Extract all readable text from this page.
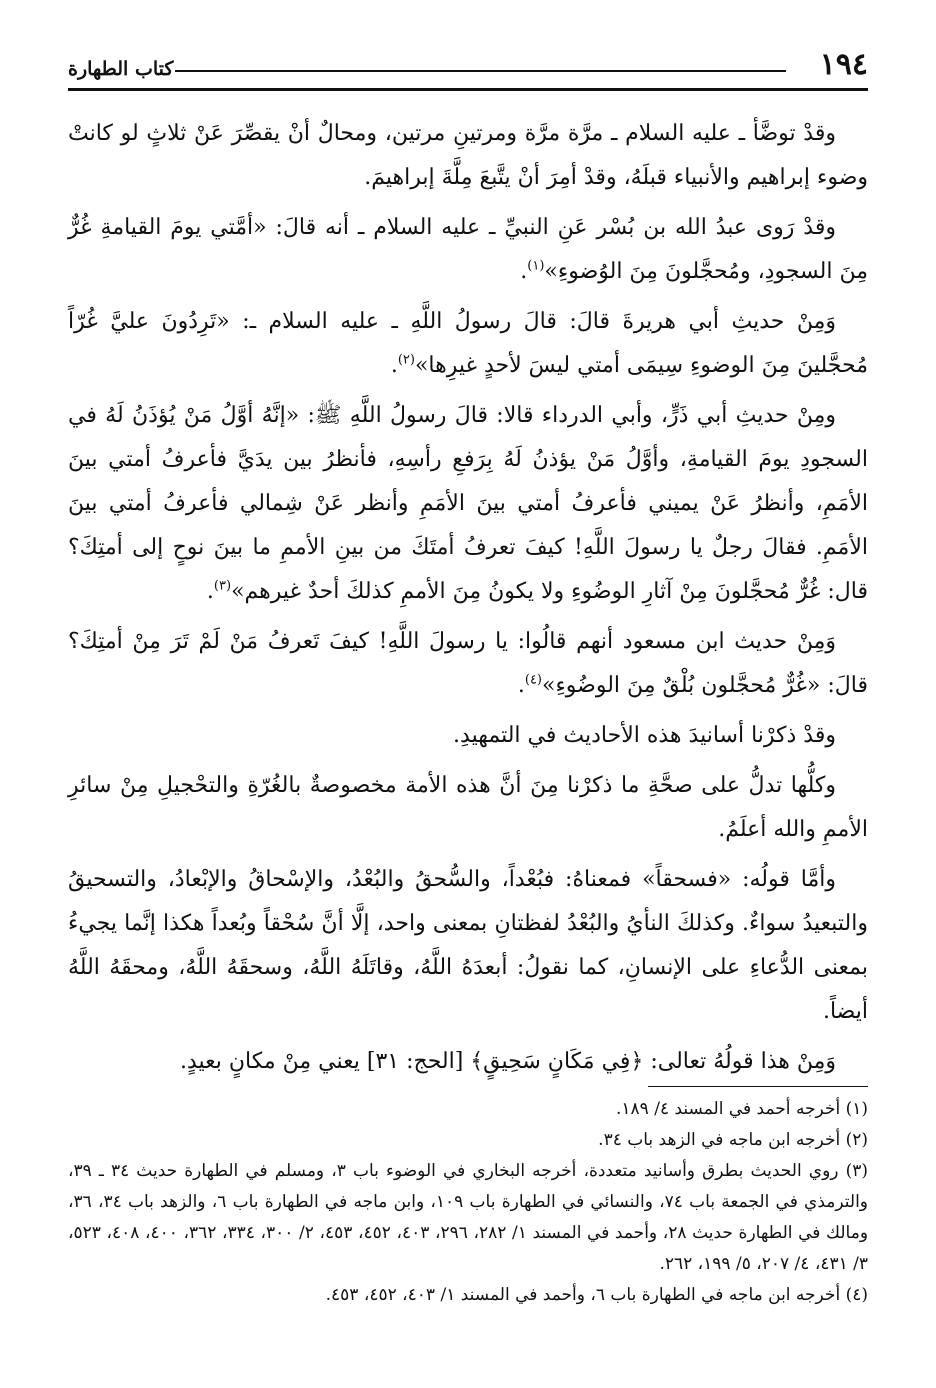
١٩٤
كتاب الطهارة

وقدْ توضَّأ ـ عليه السلام ـ مرَّة مرَّة ومرتينِ مرتين، ومحالٌ أنْ يقصِّرَ عَنْ ثلاثٍ لو كانتْ وضوء إبراهيم والأنبياء قبلَهُ، وقدْ أمِرَ أنْ يتَّبعَ مِلَّةَ إبراهيمَ.

وقدْ رَوى عبدُ الله بن بُسْر عَنِ النبيِّ ـ عليه السلام ـ أنه قالَ: «أمَّتي يومَ القيامةِ غُرٌّ مِنَ السجودِ، ومُحجَّلونَ مِنَ الوُضوءِ»$^{(١)}$.

وَمِنْ حديثِ أبي هريرةَ قالَ: قالَ رسولُ اللَّهِ ـ عليه السلام ـ: «تَرِدُونَ عليَّ غُرّاً مُحجَّلينَ مِنَ الوضوءِ سِيمَى أمتي ليسَ لأحدٍ غيرِها»$^{(٢)}$.

ومِنْ حديثِ أبي ذَرٍّ، وأبي الدرداء قالا: قالَ رسولُ اللَّهِ ﷺ: «إنَّهُ أوَّلُ مَنْ يُؤذَنُ لَهُ في السجودِ يومَ القيامةِ، وأوَّلُ مَنْ يؤذنُ لَهُ بِرَفعِ رأسِهِ، فأنظرُ بين يدَيَّ فأعرفُ أمتي بينَ الأمَمِ، وأنظرُ عَنْ يميني فأعرفُ أمتي بينَ الأمَمِ وأنظر عَنْ شِمالي فأعرفُ أمتي بينَ الأمَمِ. فقالَ رجلٌ يا رسولَ اللَّهِ! كيفَ تعرفُ أمتَكَ من بينِ الأممِ ما بينَ نوحٍ إلى أمتِكَ؟ قال: غُرٌّ مُحجَّلونَ مِنْ آثارِ الوضُوءِ ولا يكونُ مِنَ الأممِ كذلكَ أحدٌ غيرهم»$^{(٣)}$.

وَمِنْ حديث ابن مسعود أنهم قالُوا: يا رسولَ اللَّهِ! كيفَ تَعرفُ مَنْ لَمْ تَرَ مِنْ أمتِكَ؟ قالَ: «غُرٌّ مُحجَّلون بُلْقٌ مِنَ الوضُوءِ»$^{(٤)}$.

وقدْ ذكرْنا أسانيدَ هذه الأحاديث في التمهيدِ.

وكلُّها تدلُّ على صحَّةِ ما ذكرْنا مِنَ أنَّ هذه الأمة مخصوصةٌ بالغُرّةِ والتحْجيلِ مِنْ سائرِ الأممِ والله أعلَمُ.

وأمَّا قولُه: «فسحقاً» فمعناهُ: فبُعْداً، والسُّحقُ والبُعْدُ، والإسْحاقُ والإبْعادُ، والتسحيقُ والتبعيدُ سواءٌ. وكذلكَ النأيُ والبُعْدُ لفظتانِ بمعنى واحد، إلَّا أنَّ سُحْقاً وبُعداً هكذا إنَّما يجيءُ بمعنى الدُّعاءِ على الإنسانِ، كما نقولُ: أبعدَهُ اللَّهُ، وقاتَلَهُ اللَّهُ، وسحقَهُ اللَّهُ، ومحقَهُ اللَّهُ أيضاً.

وَمِنْ هذا قولُهُ تعالى: ﴿فِي مَكَانٍ سَحِيقٍ﴾ [الحج: ٣١] يعني مِنْ مكانٍ بعيدٍ.

(١) أخرجه أحمد في المسند ٤/ ١٨٩.

(٢) أخرجه ابن ماجه في الزهد باب ٣٤.

(٣) روي الحديث بطرق وأسانيد متعددة، أخرجه البخاري في الوضوء باب ٣، ومسلم في الطهارة حديث ٣٤ ـ ٣٩، والترمذي في الجمعة باب ٧٤، والنسائي في الطهارة باب ١٠٩، وابن ماجه في الطهارة باب ٦، والزهد باب ٣٤، ٣٦، ومالك في الطهارة حديث ٢٨، وأحمد في المسند ١/ ٢٨٢، ٢٩٦، ٤٠٣، ٤٥٢، ٤٥٣، ٢/ ٣٠٠، ٣٣٤، ٣٦٢، ٤٠٠، ٤٠٨، ٥٢٣، ٣/ ٤٣١، ٤/ ٢٠٧، ٥/ ١٩٩، ٢٦٢.

(٤) أخرجه ابن ماجه في الطهارة باب ٦، وأحمد في المسند ١/ ٤٠٣، ٤٥٢، ٤٥٣.
